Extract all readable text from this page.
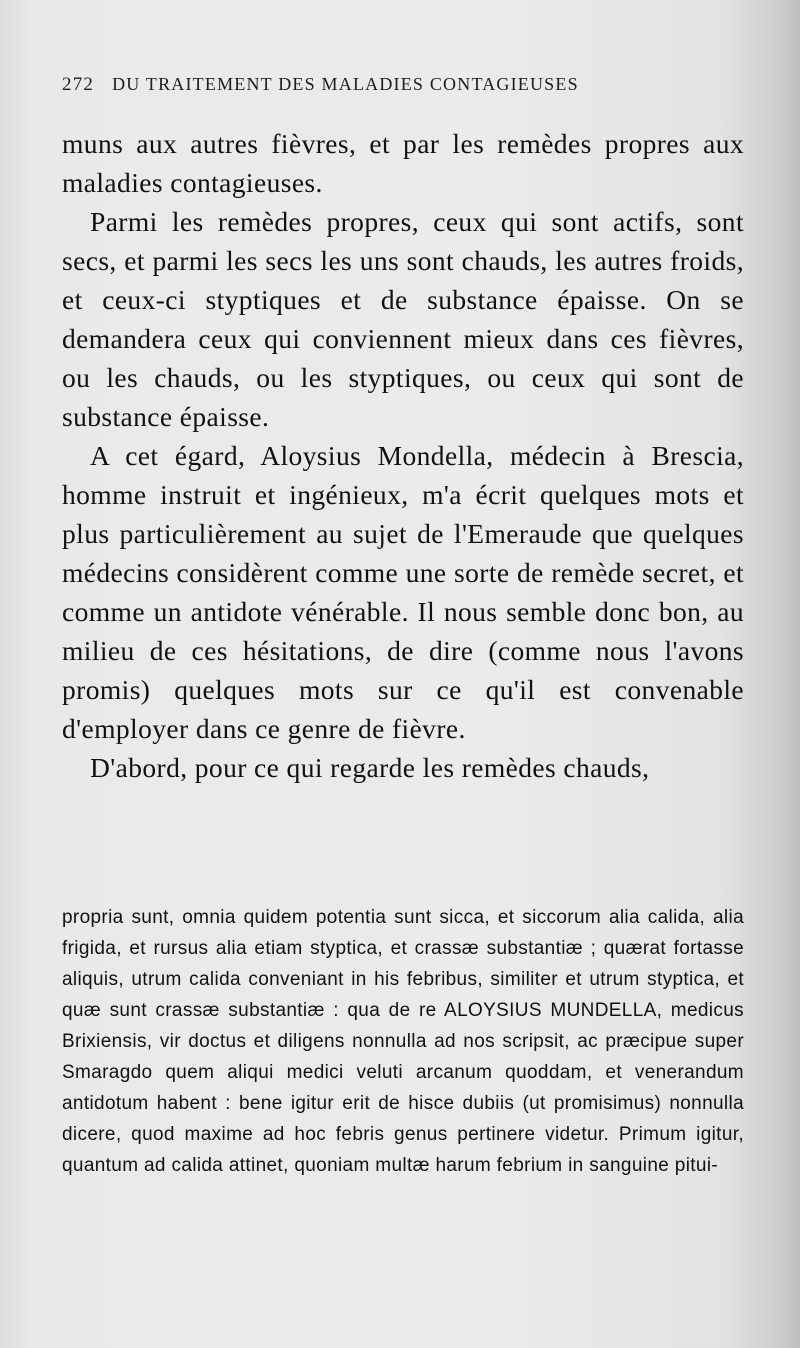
272 DU TRAITEMENT DES MALADIES CONTAGIEUSES

muns aux autres fièvres, et par les remèdes propres aux maladies contagieuses.

Parmi les remèdes propres, ceux qui sont actifs, sont secs, et parmi les secs les uns sont chauds, les autres froids, et ceux-ci styptiques et de substance épaisse. On se demandera ceux qui conviennent mieux dans ces fièvres, ou les chauds, ou les styptiques, ou ceux qui sont de substance épaisse.

A cet égard, Aloysius Mondella, médecin à Brescia, homme instruit et ingénieux, m'a écrit quelques mots et plus particulièrement au sujet de l'Emeraude que quelques médecins considèrent comme une sorte de remède secret, et comme un antidote vénérable. Il nous semble donc bon, au milieu de ces hésitations, de dire (comme nous l'avons promis) quelques mots sur ce qu'il est convenable d'employer dans ce genre de fièvre.

D'abord, pour ce qui regarde les remèdes chauds,

propria sunt, omnia quidem potentia sunt sicca, et siccorum alia calida, alia frigida, et rursus alia etiam styptica, et crassæ substantiæ ; quærat fortasse aliquis, utrum calida conveniant in his febribus, similiter et utrum styptica, et quæ sunt crassæ substantiæ : qua de re ALOYSIUS MUNDELLA, medicus Brixiensis, vir doctus et diligens nonnulla ad nos scripsit, ac præcipue super Smaragdo quem aliqui medici veluti arcanum quoddam, et venerandum antidotum habent : bene igitur erit de hisce dubiis (ut promisimus) nonnulla dicere, quod maxime ad hoc febris genus pertinere videtur. Primum igitur, quantum ad calida attinet, quoniam multæ harum febrium in sanguine pitui-
